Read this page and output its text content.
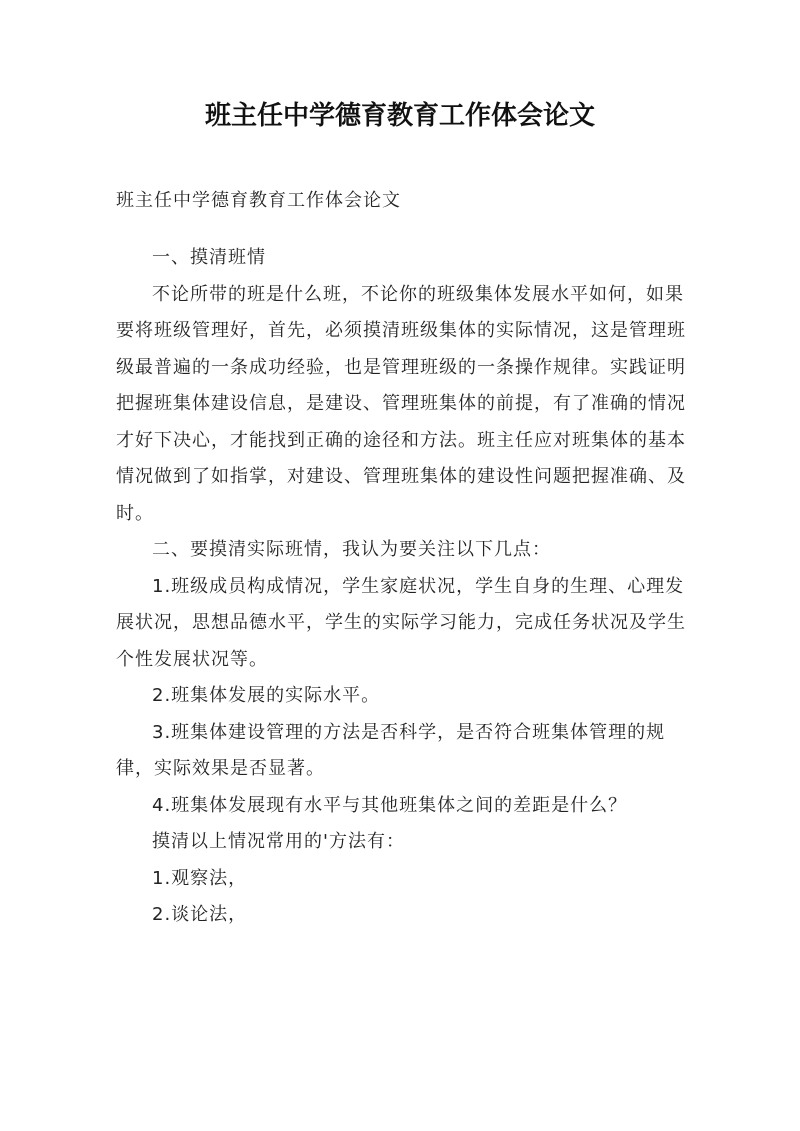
班主任中学德育教育工作体会论文
班主任中学德育教育工作体会论文

一、摸清班情

不论所带的班是什么班，不论你的班级集体发展水平如何，如果要将班级管理好，首先，必须摸清班级集体的实际情况，这是管理班级最普遍的一条成功经验，也是管理班级的一条操作规律。实践证明把握班集体建设信息，是建设、管理班集体的前提，有了准确的情况才好下决心，才能找到正确的途径和方法。班主任应对班集体的基本情况做到了如指掌，对建设、管理班集体的建设性问题把握准确、及时。

二、要摸清实际班情，我认为要关注以下几点：

1.班级成员构成情况，学生家庭状况，学生自身的生理、心理发展状况，思想品德水平，学生的实际学习能力，完成任务状况及学生个性发展状况等。

2.班集体发展的实际水平。

3.班集体建设管理的方法是否科学，是否符合班集体管理的规律，实际效果是否显著。

4.班集体发展现有水平与其他班集体之间的差距是什么？

摸清以上情况常用的'方法有：

1.观察法，

2.谈论法，
